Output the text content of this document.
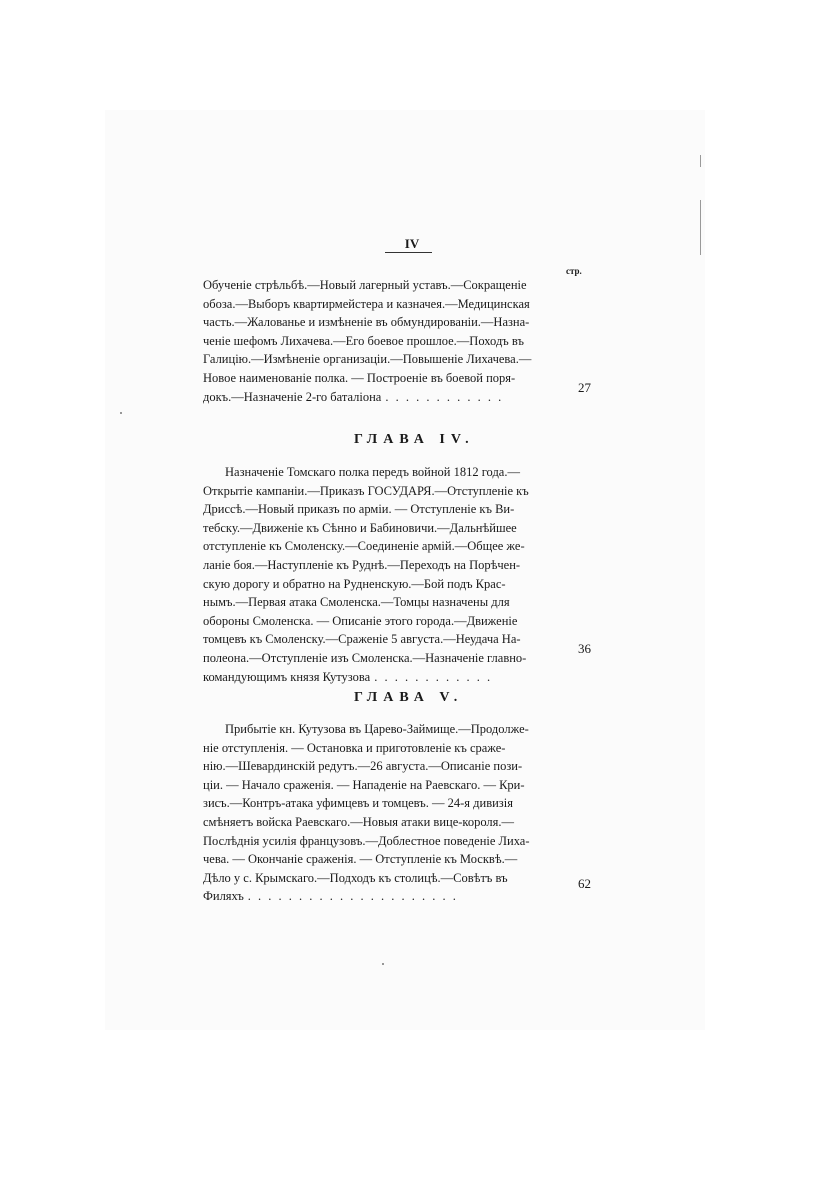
IV
стр.
Обученіе стрѣльбѣ.—Новый лагерный уставъ.—Сокращеніе
обоза.—Выборъ квартирмейстера и казначея.—Медицинская
часть.—Жалованье и измѣненіе въ обмундированіи.—Назна-
ченіе шефомъ Лихачева.—Его боевое прошлое.—Походъ въ
Галицію.—Измѣненіе организаціи.—Повышеніе Лихачева.—
Новое наименованіе полка. — Построеніе въ боевой поря-
докъ.—Назначеніе 2-го баталіона . . . . . . . . . . . .
27
ГЛАВА IV.
Назначеніе Томскаго полка передъ войной 1812 года.—
Открытіе кампаніи.—Приказъ ГОСУДАРЯ.—Отступленіе къ
Дриссѣ.—Новый приказъ по арміи. — Отступленіе къ Ви-
тебску.—Движеніе къ Сѣнно и Бабиновичи.—Дальнѣйшее
отступленіе къ Смоленску.—Соединеніе армій.—Общее же-
ланіе боя.—Наступленіе къ Руднѣ.—Переходъ на Порѣчен-
скую дорогу и обратно на Рудненскую.—Бой подъ Крас-
нымъ.—Первая атака Смоленска.—Томцы назначены для
обороны Смоленска. — Описаніе этого города.—Движеніе
томцевъ къ Смоленску.—Сраженіе 5 августа.—Неудача На-
полеона.—Отступленіе изъ Смоленска.—Назначеніе главно-
командующимъ князя Кутузова . . . . . . . . . . . .
36
ГЛАВА V.
Прибытіе кн. Кутузова въ Царево-Займище.—Продолже-
ніе отступленія. — Остановка и приготовленіе къ сраже-
нію.—Шевардинскій редутъ.—26 августа.—Описаніе пози-
ціи. — Начало сраженія. — Нападеніе на Раевскаго. — Кри-
зисъ.—Контръ-атака уфимцевъ и томцевъ. — 24-я дивизія
смѣняетъ войска Раевскаго.—Новыя атаки вице-короля.—
Послѣднія усилія французовъ.—Доблестное поведеніе Лиха-
чева. — Окончаніе сраженія. — Отступленіе къ Москвѣ.—
Дѣло у с. Крымскаго.—Подходъ къ столицѣ.—Совѣтъ въ
Филяхъ . . . . . . . . . . . . . . . . . . . . .
62
